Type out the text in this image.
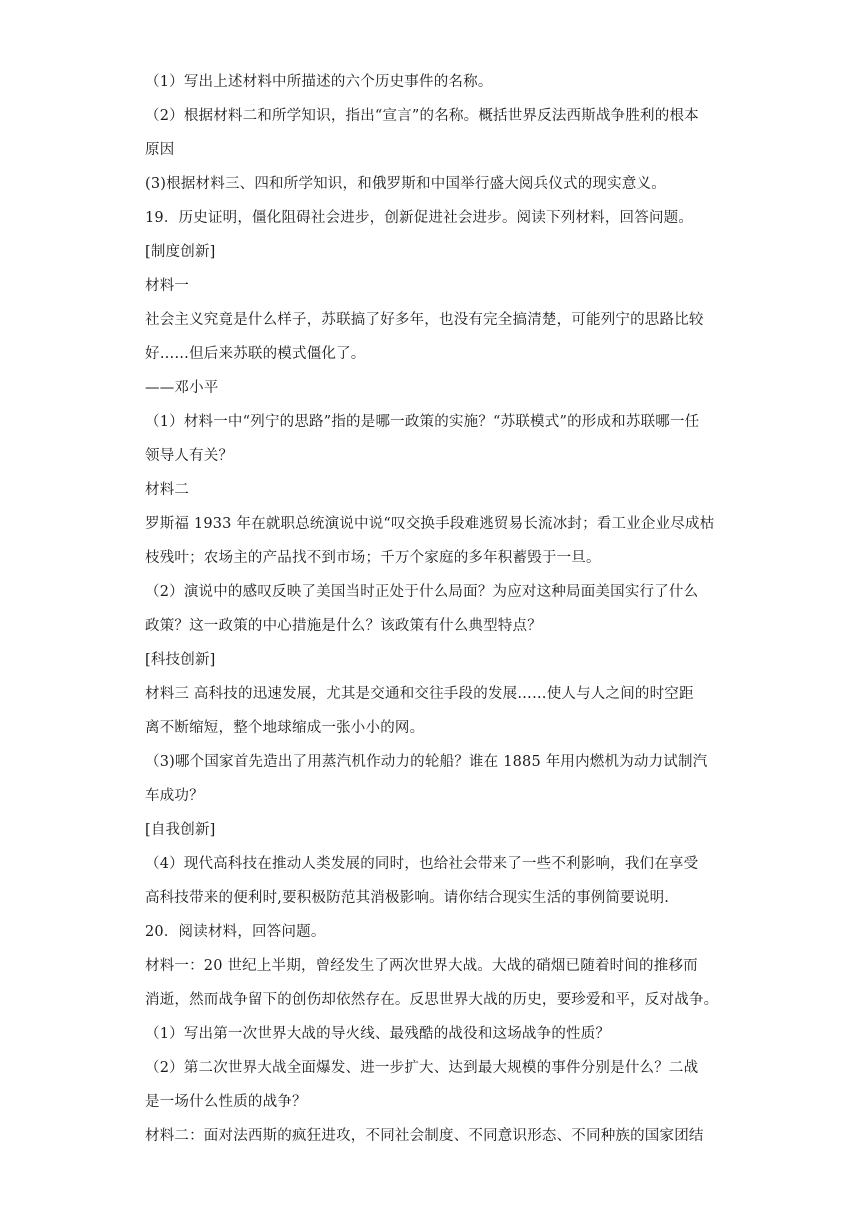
（1）写出上述材料中所描述的六个历史事件的名称。
（2）根据材料二和所学知识，指出“宣言”的名称。概括世界反法西斯战争胜利的根本
原因
(3)根据材料三、四和所学知识，和俄罗斯和中国举行盛大阅兵仪式的现实意义。
19．历史证明，僵化阻碍社会进步，创新促进社会进步。阅读下列材料，回答问题。
[制度创新]
材料一
社会主义究竟是什么样子，苏联搞了好多年，也没有完全搞清楚，可能列宁的思路比较
好……但后来苏联的模式僵化了。
——邓小平
（1）材料一中“列宁的思路”指的是哪一政策的实施？“苏联模式”的形成和苏联哪一任
领导人有关？
材料二
罗斯福 1933 年在就职总统演说中说“叹交换手段难逃贸易长流冰封；看工业企业尽成枯
枝残叶；农场主的产品找不到市场；千万个家庭的多年积蓄毁于一旦。
（2）演说中的感叹反映了美国当时正处于什么局面？为应对这种局面美国实行了什么
政策？这一政策的中心措施是什么？该政策有什么典型特点？
[科技创新]
材料三 高科技的迅速发展，尤其是交通和交往手段的发展……使人与人之间的时空距
离不断缩短，整个地球缩成一张小小的网。
（3)哪个国家首先造出了用蒸汽机作动力的轮船？谁在 1885 年用内燃机为动力试制汽
车成功？
[自我创新]
（4）现代高科技在推动人类发展的同时，也给社会带来了一些不利影响，我们在享受
高科技带来的便利时,要积极防范其消极影响。请你结合现实生活的事例简要说明.
20．阅读材料，回答问题。
材料一：20 世纪上半期，曾经发生了两次世界大战。大战的硝烟已随着时间的推移而
消逝，然而战争留下的创伤却依然存在。反思世界大战的历史，要珍爱和平，反对战争。
（1）写出第一次世界大战的导火线、最残酷的战役和这场战争的性质？
（2）第二次世界大战全面爆发、进一步扩大、达到最大规模的事件分别是什么？二战
是一场什么性质的战争？
材料二：面对法西斯的疯狂进攻，不同社会制度、不同意识形态、不同种族的国家团结
